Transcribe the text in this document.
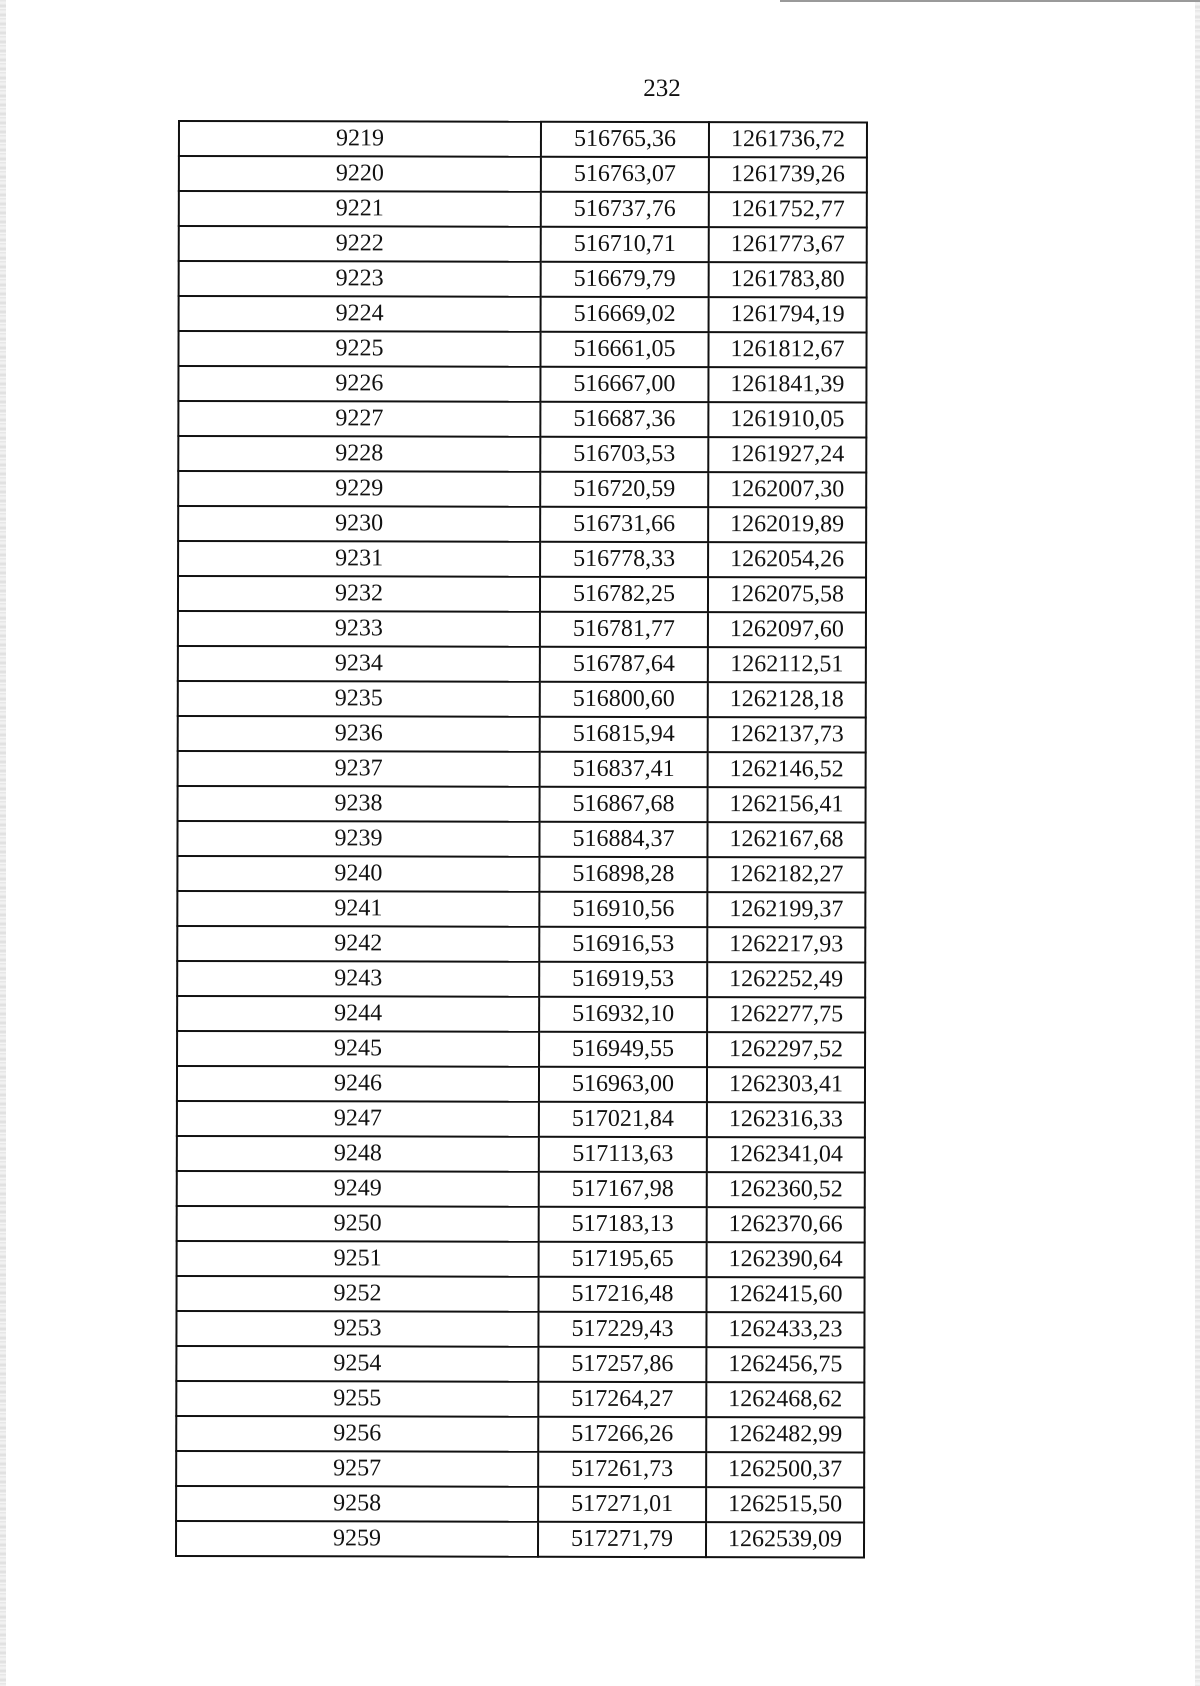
232
9219	516765,36	1261736,72
9220	516763,07	1261739,26
9221	516737,76	1261752,77
9222	516710,71	1261773,67
9223	516679,79	1261783,80
9224	516669,02	1261794,19
9225	516661,05	1261812,67
9226	516667,00	1261841,39
9227	516687,36	1261910,05
9228	516703,53	1261927,24
9229	516720,59	1262007,30
9230	516731,66	1262019,89
9231	516778,33	1262054,26
9232	516782,25	1262075,58
9233	516781,77	1262097,60
9234	516787,64	1262112,51
9235	516800,60	1262128,18
9236	516815,94	1262137,73
9237	516837,41	1262146,52
9238	516867,68	1262156,41
9239	516884,37	1262167,68
9240	516898,28	1262182,27
9241	516910,56	1262199,37
9242	516916,53	1262217,93
9243	516919,53	1262252,49
9244	516932,10	1262277,75
9245	516949,55	1262297,52
9246	516963,00	1262303,41
9247	517021,84	1262316,33
9248	517113,63	1262341,04
9249	517167,98	1262360,52
9250	517183,13	1262370,66
9251	517195,65	1262390,64
9252	517216,48	1262415,60
9253	517229,43	1262433,23
9254	517257,86	1262456,75
9255	517264,27	1262468,62
9256	517266,26	1262482,99
9257	517261,73	1262500,37
9258	517271,01	1262515,50
9259	517271,79	1262539,09
